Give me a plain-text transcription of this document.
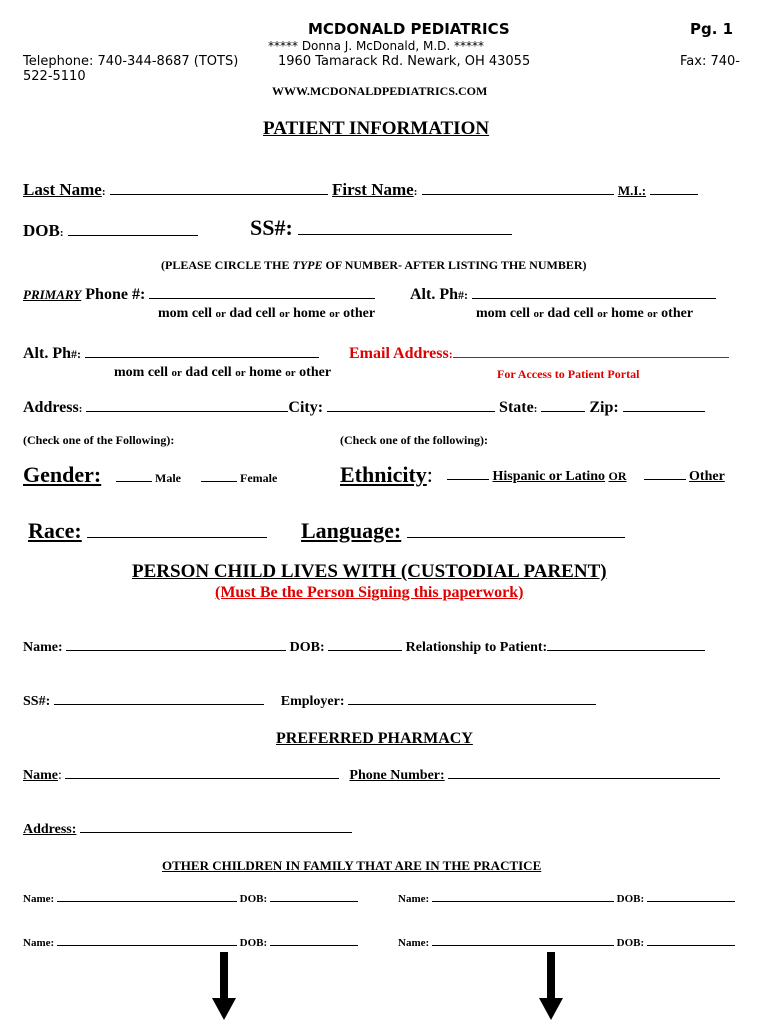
MCDONALD PEDIATRICS	Pg. 1
***** Donna J. McDonald, M.D. *****
Telephone: 740-344-8687 (TOTS)	1960 Tamarack Rd. Newark, OH 43055	Fax: 740-
522-5110
WWW.MCDONALDPEDIATRICS.COM
PATIENT INFORMATION
Last Name:	First Name:	M.I.:
DOB:	SS#:
(PLEASE CIRCLE THE TYPE OF NUMBER- AFTER LISTING THE NUMBER)
PRIMARY Phone #:	Alt. Ph#:
mom cell or dad cell or home or other	mom cell or dad cell or home or other
Alt. Ph#:	Email Address:
mom cell or dad cell or home or other	For Access to Patient Portal
Address:	City:	State:	Zip:
(Check one of the Following):	(Check one of the following):
Gender:	Male	Female	Ethnicity:	Hispanic or Latino OR	Other
Race:	Language:
PERSON CHILD LIVES WITH (CUSTODIAL PARENT)
(Must Be the Person Signing this paperwork)
Name:	DOB:	Relationship to Patient:
SS#:	Employer:
PREFERRED PHARMACY
Name:	Phone Number:
Address:
OTHER CHILDREN IN FAMILY THAT ARE IN THE PRACTICE
Name:	DOB:	Name:	DOB:
Name:	DOB:	Name:	DOB:
